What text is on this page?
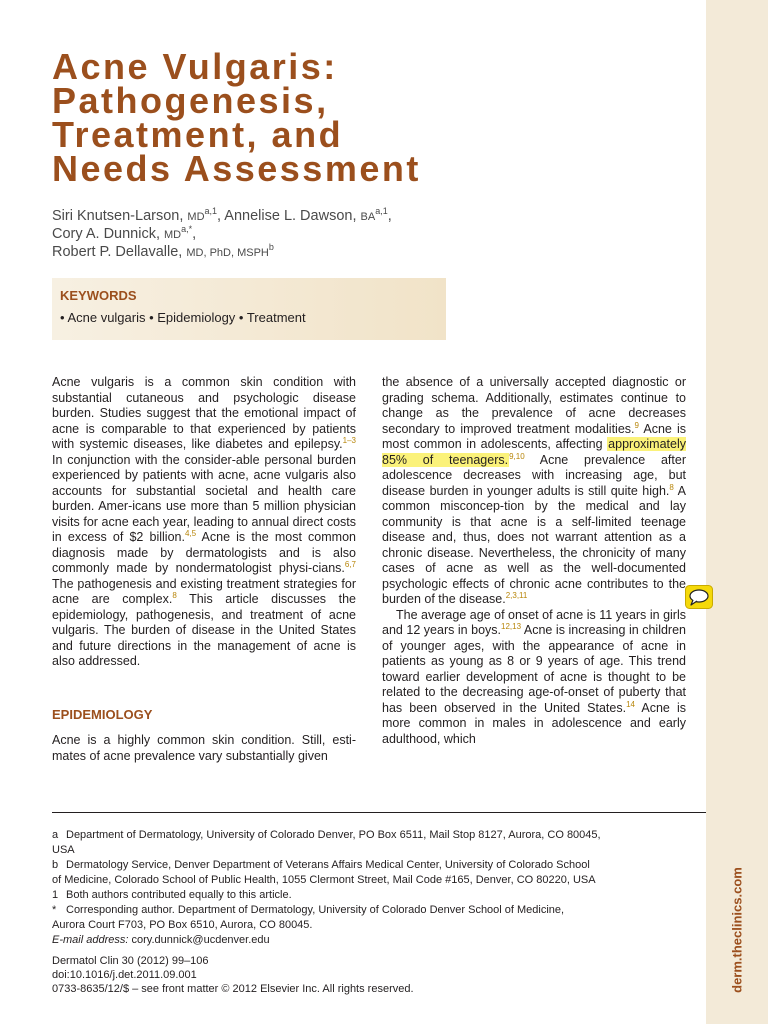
derm.theclinics.com
Acne Vulgaris:
Pathogenesis,
Treatment, and
Needs Assessment
Siri Knutsen-Larson, MD$^{a,1}$, Annelise L. Dawson, BA$^{a,1}$,
Cory A. Dunnick, $MD^{a,*}$,
Robert P. Dellavalle, MD, PhD, MSPH$^b$
KEYWORDS
• Acne vulgaris • Epidemiology • Treatment

Acne vulgaris is a common skin condition with substantial cutaneous and psychologic disease burden. Studies suggest that the emotional impact of acne is comparable to that experienced by patients with systemic diseases, like diabetes and epilepsy.$^{1-3}$ In conjunction with the consider-able personal burden experienced by patients with acne, acne vulgaris also accounts for substantial societal and health care burden. Amer-icans use more than 5 million physician visits for acne each year, leading to annual direct costs in excess of $2 billion.$^{4,5}$ Acne is the most common diagnosis made by dermatologists and is also commonly made by nondermatologist physi-cians.$^{6,7}$ The pathogenesis and existing treatment strategies for acne are complex.$^8$ This article discusses the epidemiology, pathogenesis, and treatment of acne vulgaris. The burden of disease in the United States and future directions in the management of acne is also addressed.

EPIDEMIOLOGY

Acne is a highly common skin condition. Still, esti-mates of acne prevalence vary substantially given

the absence of a universally accepted diagnostic or grading schema. Additionally, estimates continue to change as the prevalence of acne decreases secondary to improved treatment modalities.$^9$ Acne is most common in adolescents, affecting approximately 85% of teenagers.$^{9,10}$ Acne prevalence after adolescence decreases with increasing age, but disease burden in younger adults is still quite high.$^8$ A common misconcep-tion by the medical and lay community is that acne is a self-limited teenage disease and, thus, does not warrant attention as a chronic disease. Nevertheless, the chronicity of many cases of acne as well as the well-documented psychologic effects of chronic acne contributes to the burden of the disease.$^{2,3,11}$

The average age of onset of acne is 11 years in girls and 12 years in boys.$^{12,13}$ Acne is increasing in children of younger ages, with the appearance of acne in patients as young as 8 or 9 years of age. This trend toward earlier development of acne is thought to be related to the decreasing age-of-onset of puberty that has been observed in the United States.$^{14}$ Acne is more common in males in adolescence and early adulthood, which

a Department of Dermatology, University of Colorado Denver, PO Box 6511, Mail Stop 8127, Aurora, CO 80045,

USA

b Dermatology Service, Denver Department of Veterans Affairs Medical Center, University of Colorado School

of Medicine, Colorado School of Public Health, 1055 Clermont Street, Mail Code #165, Denver, CO 80220, USA

1 Both authors contributed equally to this article.

* Corresponding author. Department of Dermatology, University of Colorado Denver School of Medicine,

Aurora Court F703, PO Box 6510, Aurora, CO 80045.

E-mail address: cory.dunnick@ucdenver.edu

Dermatol Clin 30 (2012) 99–106
doi:10.1016/j.det.2011.09.001
0733-8635/12/$ – see front matter © 2012 Elsevier Inc. All rights reserved.
